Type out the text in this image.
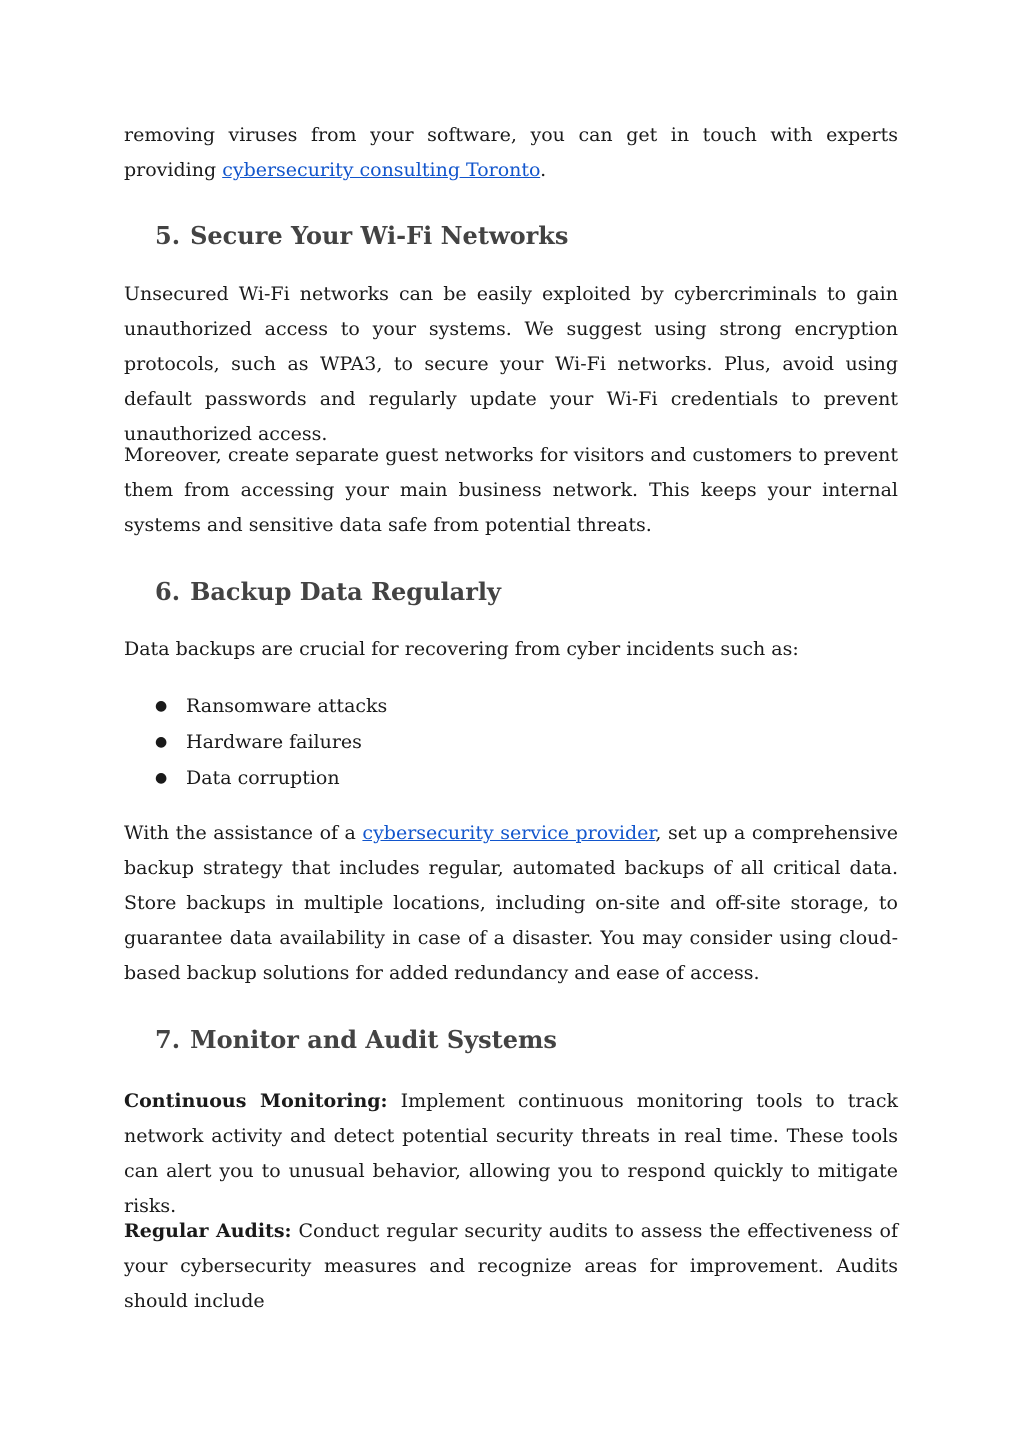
removing viruses from your software, you can get in touch with experts providing cybersecurity consulting Toronto.

5. Secure Your Wi-Fi Networks

Unsecured Wi-Fi networks can be easily exploited by cybercriminals to gain unauthorized access to your systems. We suggest using strong encryption protocols, such as WPA3, to secure your Wi-Fi networks. Plus, avoid using default passwords and regularly update your Wi-Fi credentials to prevent unauthorized access.

Moreover, create separate guest networks for visitors and customers to prevent them from accessing your main business network. This keeps your internal systems and sensitive data safe from potential threats.

6. Backup Data Regularly

Data backups are crucial for recovering from cyber incidents such as:

● Ransomware attacks
● Hardware failures
● Data corruption

With the assistance of a cybersecurity service provider, set up a comprehensive backup strategy that includes regular, automated backups of all critical data. Store backups in multiple locations, including on-site and off-site storage, to guarantee data availability in case of a disaster. You may consider using cloud-based backup solutions for added redundancy and ease of access.

7. Monitor and Audit Systems

Continuous Monitoring: Implement continuous monitoring tools to track network activity and detect potential security threats in real time. These tools can alert you to unusual behavior, allowing you to respond quickly to mitigate risks.

Regular Audits: Conduct regular security audits to assess the effectiveness of your cybersecurity measures and recognize areas for improvement. Audits should include
